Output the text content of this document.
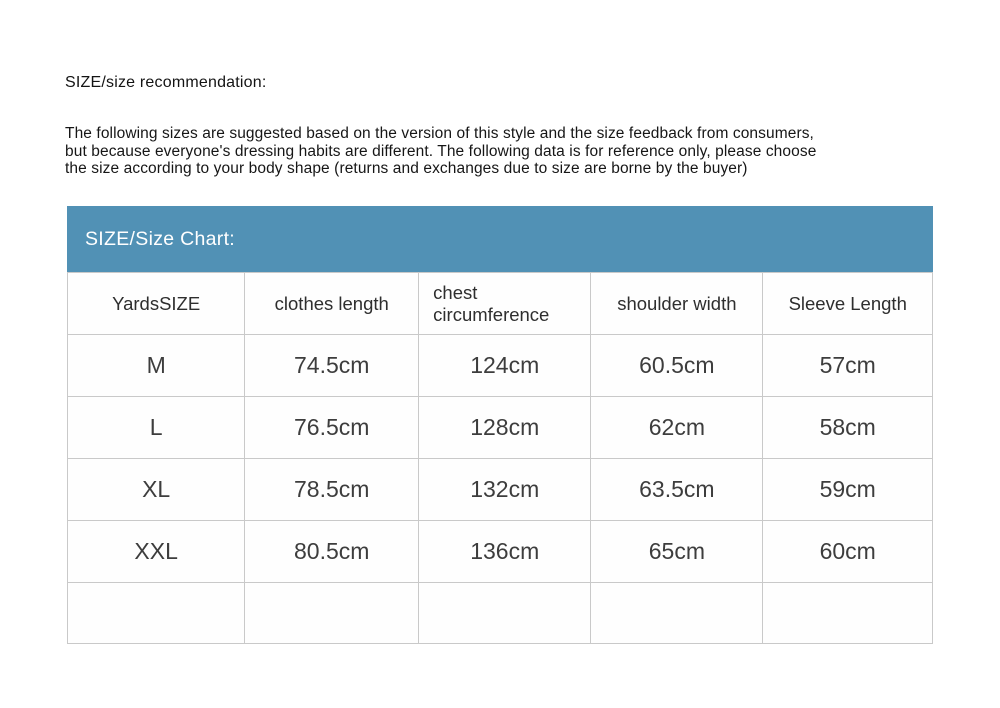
SIZE/size recommendation:
The following sizes are suggested based on the version of this style and the size feedback from consumers,
but because everyone's dressing habits are different. The following data is for reference only, please choose
the size according to your body shape (returns and exchanges due to size are borne by the buyer)
SIZE/Size Chart:
YardsSIZE	clothes length	chest circumference	shoulder width	Sleeve Length
M	74.5cm	124cm	60.5cm	57cm
L	76.5cm	128cm	62cm	58cm
XL	78.5cm	132cm	63.5cm	59cm
XXL	80.5cm	136cm	65cm	60cm
